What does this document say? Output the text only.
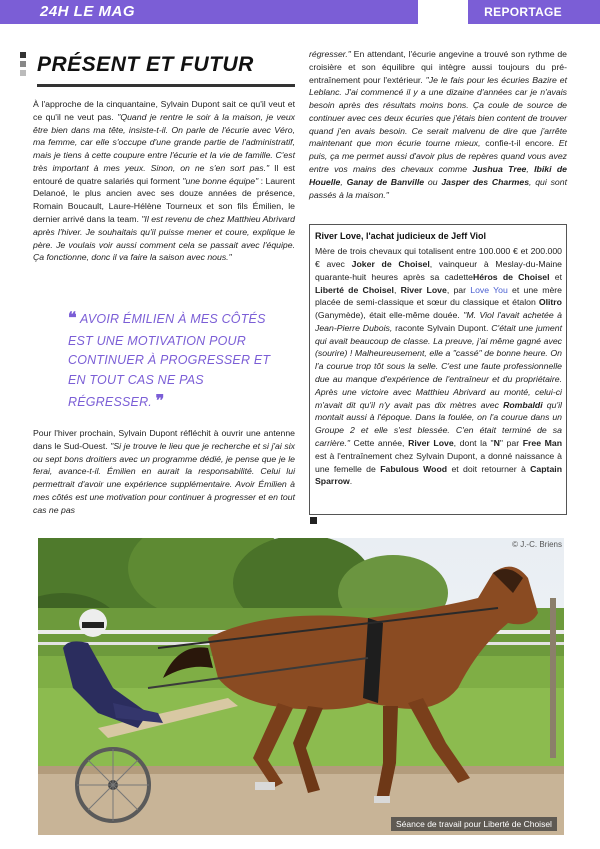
24H LE MAG	REPORTAGE
PRÉSENT ET FUTUR

À l'approche de la cinquantaine, Sylvain Dupont sait ce qu'il veut et ce qu'il ne veut pas. "Quand je rentre le soir à la maison, je veux être bien dans ma tête, insiste-t-il. On parle de l'écurie avec Véro, ma femme, car elle s'occupe d'une grande partie de l'administratif, mais je tiens à cette coupure entre l'écurie et la vie de famille. C'est très important à mes yeux. Sinon, on ne s'en sort pas." Il est entouré de quatre salariés qui forment "une bonne équipe" : Laurent Delanoé, le plus ancien avec ses douze années de présence, Romain Boucault, Laure-Hélène Tourneux et son fils Émilien, le dernier arrivé dans la team. "Il est revenu de chez Matthieu Abrivard après l'hiver. Je souhaitais qu'il puisse mener et coure, explique le père. Je voulais voir aussi comment cela se passait avec l'équipe. Ça fonctionne, donc il va faire la saison avec nous."

❝ AVOIR ÉMILIEN À MES CÔTÉS EST UNE MOTIVATION POUR CONTINUER À PROGRESSER ET EN TOUT CAS NE PAS RÉGRESSER. ❞

Pour l'hiver prochain, Sylvain Dupont réfléchit à ouvrir une antenne dans le Sud-Ouest. "Si je trouve le lieu que je recherche et si j'ai six ou sept bons droitiers avec un programme dédié, je pense que je le ferai, avance-t-il. Émilien en aurait la responsabilité. Celui lui permettrait d'avoir une expérience supplémentaire. Avoir Émilien à mes côtés est une motivation pour continuer à progresser et en tout cas ne pas

régresser." En attendant, l'écurie angevine a trouvé son rythme de croisière et son équilibre qui intègre aussi toujours du pré-entraînement pour l'extérieur. "Je le fais pour les écuries Bazire et Leblanc. J'ai commencé il y a une dizaine d'années car je n'avais besoin après des résultats moins bons. Ça coule de source de continuer avec ces deux écuries que j'étais bien content de trouver quand j'en avais besoin. Ce serait malvenu de dire que j'arrête maintenant que mon écurie tourne mieux, confie-t-il encore. Et puis, ça me permet aussi d'avoir plus de repères quand vous avez entre vos mains des chevaux comme Jushua Tree, Ibiki de Houelle, Ganay de Banville ou Jasper des Charmes, qui sont passés à la maison."

River Love, l'achat judicieux de Jeff Viol
Mère de trois chevaux qui totalisent entre 100.000 € et 200.000 € avec Joker de Choisel, vainqueur à Meslay-du-Maine quarante-huit heures après sa cadetteHéros de Choisel et Liberté de Choisel, River Love, par Love You et une mère placée de semi-classique et sœur du classique et étalon Olitro (Ganymède), était elle-même douée. "M. Viol l'avait achetée à Jean-Pierre Dubois, raconte Sylvain Dupont. C'était une jument qui avait beaucoup de classe. La preuve, j'ai même gagné avec (sourire) ! Malheureusement, elle a "cassé" de bonne heure. On l'a courue trop tôt sous la selle. C'est une faute professionnelle due au manque d'expérience de l'entraîneur et du propriétaire. Après une victoire avec Matthieu Abrivard au monté, celui-ci m'avait dit qu'il n'y avait pas dix mètres avec Rombaldi qu'il montait aussi à l'époque. Dans la foulée, on l'a courue dans un Groupe 2 et elle s'est blessée. C'en était terminé de sa carrière." Cette année, River Love, dont la "N" par Free Man est à l'entraînement chez Sylvain Dupont, a donné naissance à une femelle de Fabulous Wood et doit retourner à Captain Sparrow.
© J.-C. Briens
Séance de travail pour Liberté de Choisel
